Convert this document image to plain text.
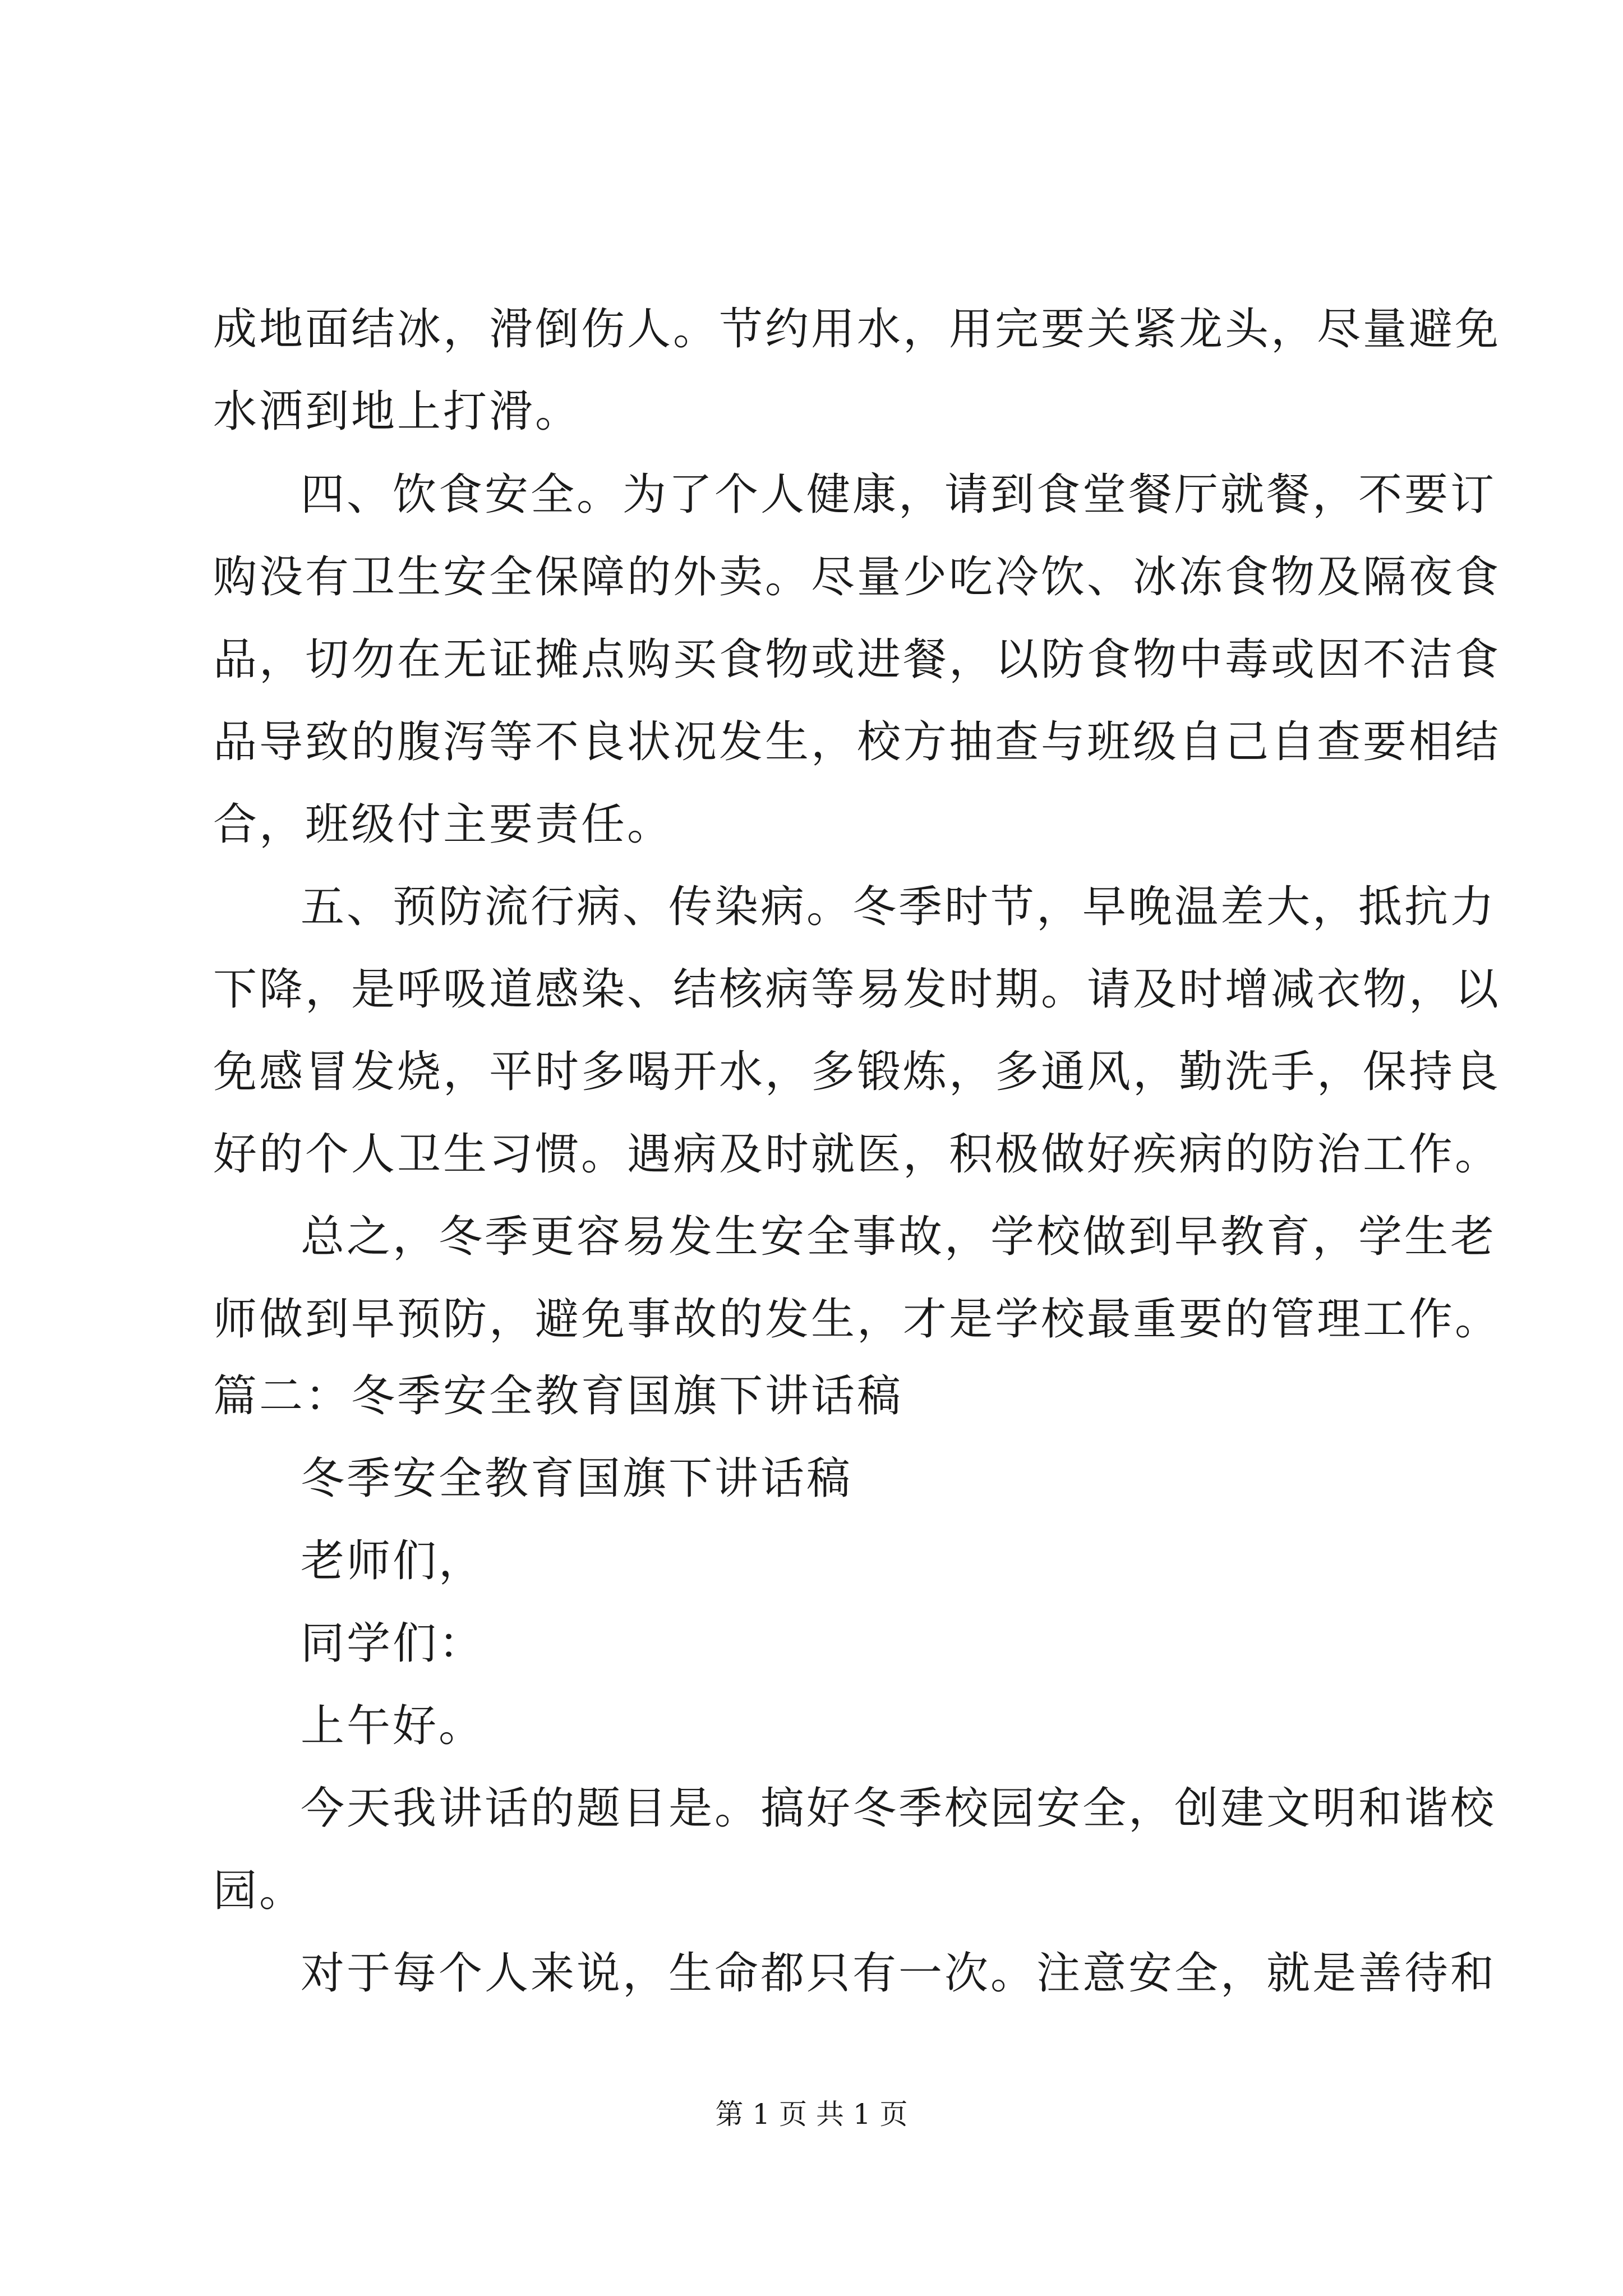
成地面结冰，滑倒伤人。节约用水，用完要关紧龙头，尽量避免
水洒到地上打滑。
四、饮食安全。为了个人健康，请到食堂餐厅就餐，不要订
购没有卫生安全保障的外卖。尽量少吃冷饮、冰冻食物及隔夜食
品，切勿在无证摊点购买食物或进餐，以防食物中毒或因不洁食
品导致的腹泻等不良状况发生，校方抽查与班级自己自查要相结
合，班级付主要责任。
五、预防流行病、传染病。冬季时节，早晚温差大，抵抗力
下降，是呼吸道感染、结核病等易发时期。请及时增减衣物，以
免感冒发烧，平时多喝开水，多锻炼，多通风，勤洗手，保持良
好的个人卫生习惯。遇病及时就医，积极做好疾病的防治工作。
总之，冬季更容易发生安全事故，学校做到早教育，学生老
师做到早预防，避免事故的发生，才是学校最重要的管理工作。
篇二：冬季安全教育国旗下讲话稿
冬季安全教育国旗下讲话稿
老师们，
同学们：
上午好。
今天我讲话的题目是。搞好冬季校园安全，创建文明和谐校
园。
对于每个人来说，生命都只有一次。注意安全，就是善待和
第 1 页 共 1 页
